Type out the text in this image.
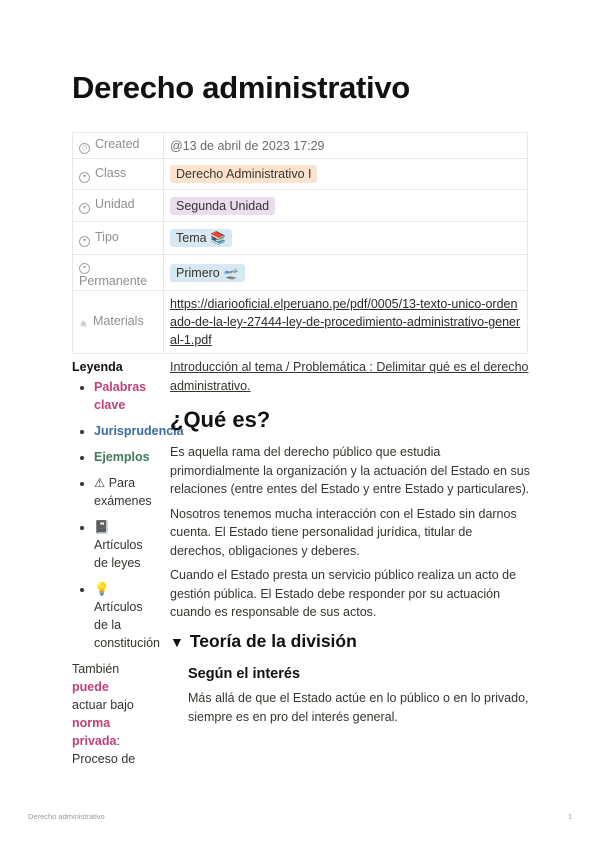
Derecho administrativo
◷ Created	@13 de abril de 2023 17:29
▾ Class	Derecho Administrativo I
▾ Unidad	Segunda Unidad
▾ Tipo	Tema 📚
▾
Permanente	Primero 🛫
🖇 Materials	https://diariooficial.elperuano.pe/pdf/0005/13-texto-unico-ordenado-de-la-ley-27444-ley-de-procedimiento-administrativo-general-1.pdf
Leyenda
• Palabras clave
• Jurisprudencia
• Ejemplos
• ⚠ Para exámenes
• 📓
Artículos de leyes
• 💡
Artículos de la constitución
También
puede
actuar bajo
norma privada:
Proceso de

Introducción al tema / Problemática : Delimitar qué es el derecho administrativo.

¿Qué es?

Es aquella rama del derecho público que estudia primordialmente la organización y la actuación del Estado en sus relaciones (entre entes del Estado y entre Estado y particulares).

Nosotros tenemos mucha interacción con el Estado sin darnos cuenta. El Estado tiene personalidad jurídica, titular de derechos, obligaciones y deberes.

Cuando el Estado presta un servicio público realiza un acto de gestión pública. El Estado debe responder por su actuación cuando es responsable de sus actos.

▼ Teoría de la división
Según el interés

Más allá de que el Estado actúe en lo público o en lo privado, siempre es en pro del interés general.

Derecho administrativo	1
